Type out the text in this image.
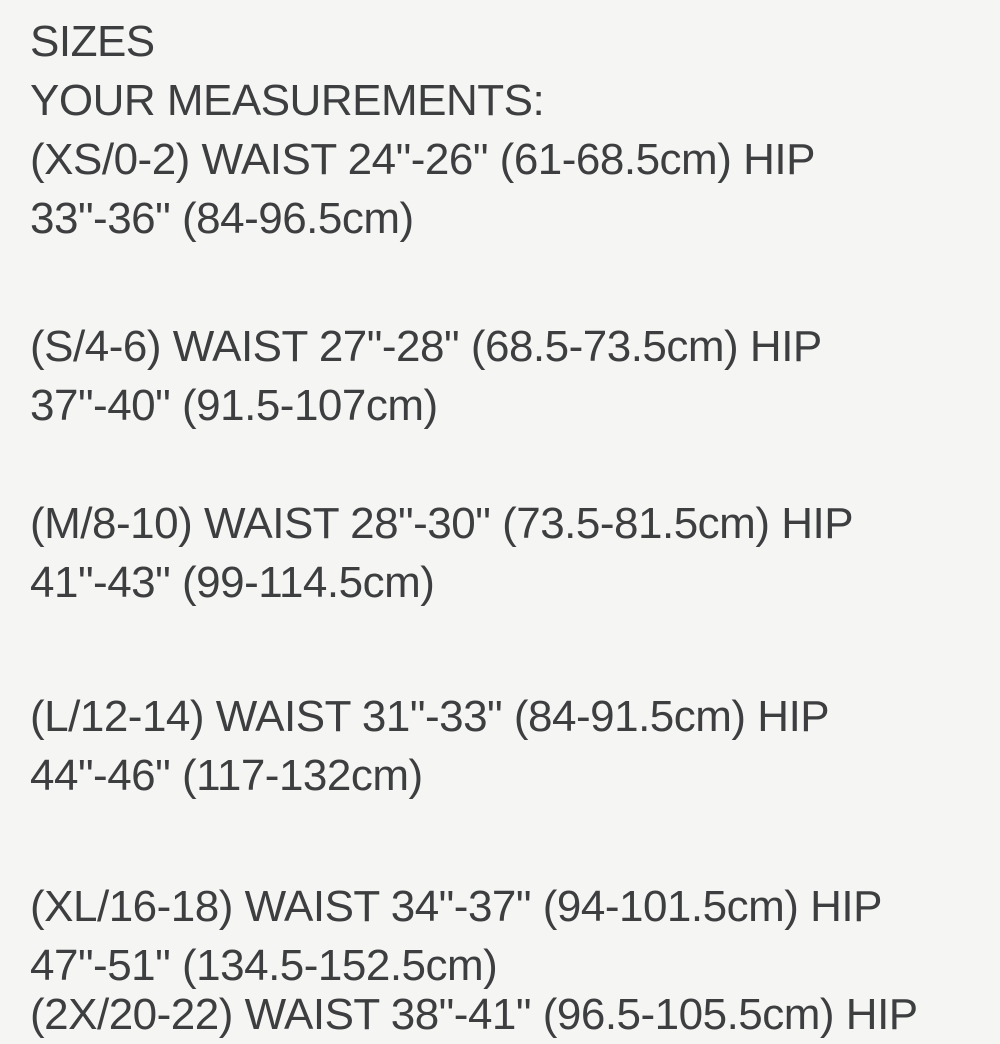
SIZES
YOUR MEASUREMENTS:
(XS/0-2) WAIST 24"-26" (61-68.5cm) HIP
33"-36" (84-96.5cm)
(S/4-6) WAIST 27"-28" (68.5-73.5cm) HIP
37"-40" (91.5-107cm)
(M/8-10) WAIST 28"-30" (73.5-81.5cm) HIP
41"-43" (99-114.5cm)
(L/12-14) WAIST 31"-33" (84-91.5cm) HIP
44"-46" (117-132cm)
(XL/16-18) WAIST 34"-37" (94-101.5cm) HIP
47"-51" (134.5-152.5cm)
(2X/20-22) WAIST 38"-41" (96.5-105.5cm) HIP
